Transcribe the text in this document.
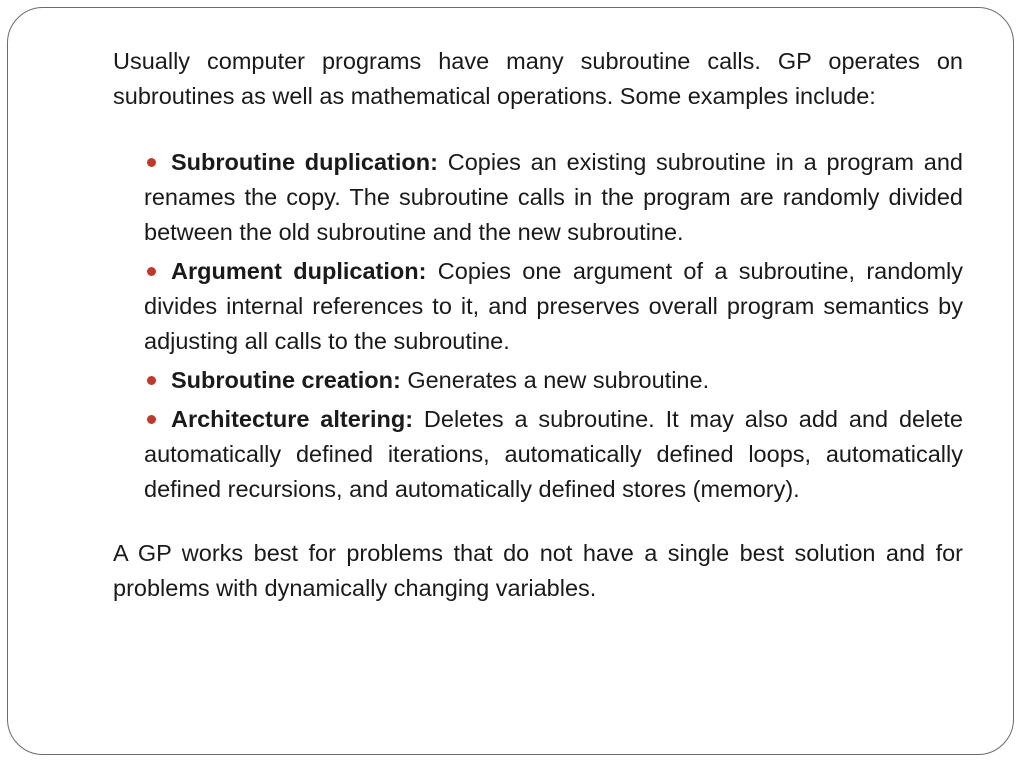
Usually computer programs have many subroutine calls. GP operates on subroutines as well as mathematical operations. Some examples include:

Subroutine duplication: Copies an existing subroutine in a program and renames the copy. The subroutine calls in the program are randomly divided between the old subroutine and the new subroutine.
Argument duplication: Copies one argument of a subroutine, randomly divides internal references to it, and preserves overall program semantics by adjusting all calls to the subroutine.
Subroutine creation: Generates a new subroutine.
Architecture altering: Deletes a subroutine. It may also add and delete automatically defined iterations, automatically defined loops, automatically defined recursions, and automatically defined stores (memory).

A GP works best for problems that do not have a single best solution and for problems with dynamically changing variables.
